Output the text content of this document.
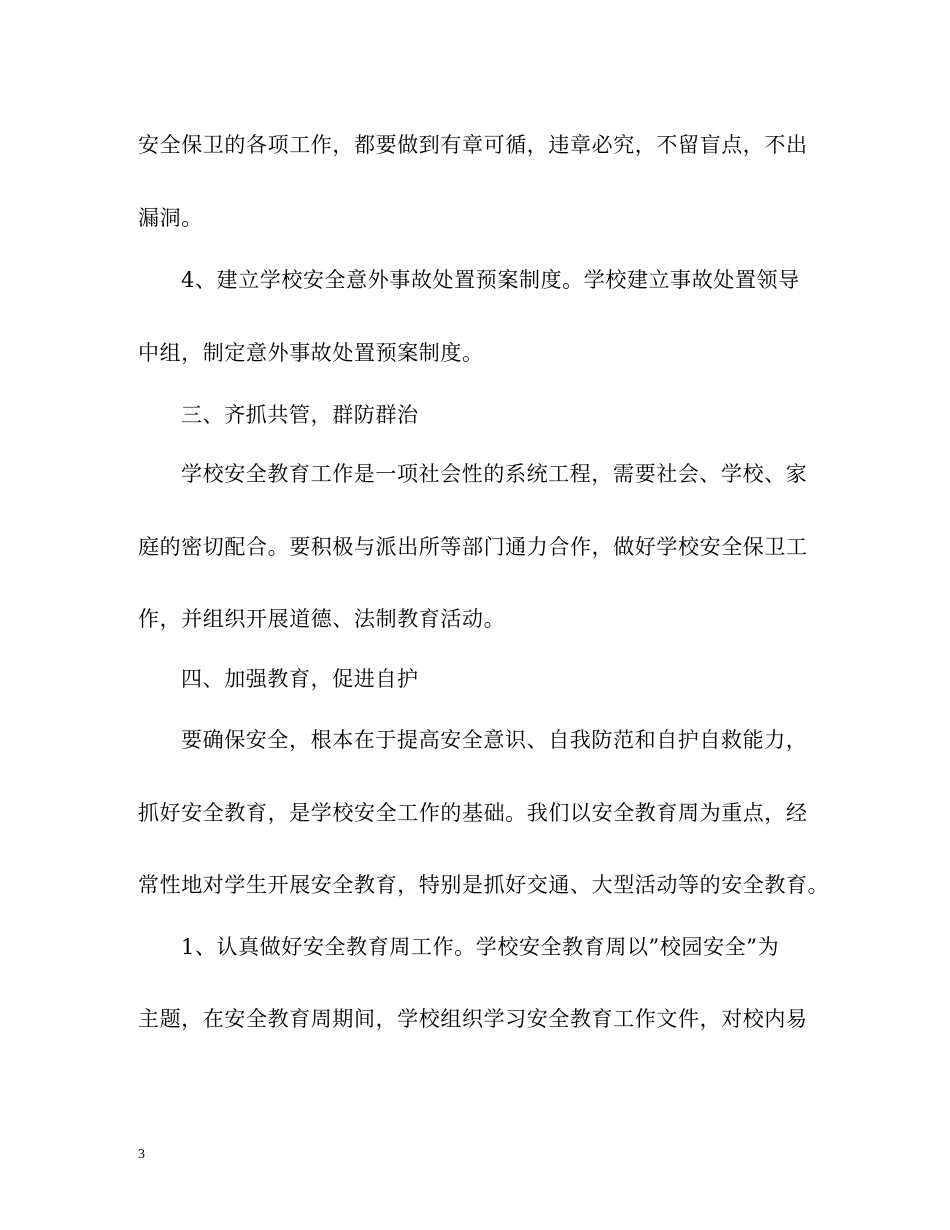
安全保卫的各项工作，都要做到有章可循，违章必究，不留盲点，不出
漏洞。
4、建立学校安全意外事故处置预案制度。学校建立事故处置领导
中组，制定意外事故处置预案制度。
三、齐抓共管，群防群治
学校安全教育工作是一项社会性的系统工程，需要社会、学校、家
庭的密切配合。要积极与派出所等部门通力合作，做好学校安全保卫工
作，并组织开展道德、法制教育活动。
四、加强教育，促进自护
要确保安全，根本在于提高安全意识、自我防范和自护自救能力，
抓好安全教育，是学校安全工作的基础。我们以安全教育周为重点，经
常性地对学生开展安全教育，特别是抓好交通、大型活动等的安全教育。
1、认真做好安全教育周工作。学校安全教育周以”校园安全”为
主题，在安全教育周期间，学校组织学习安全教育工作文件，对校内易
3
